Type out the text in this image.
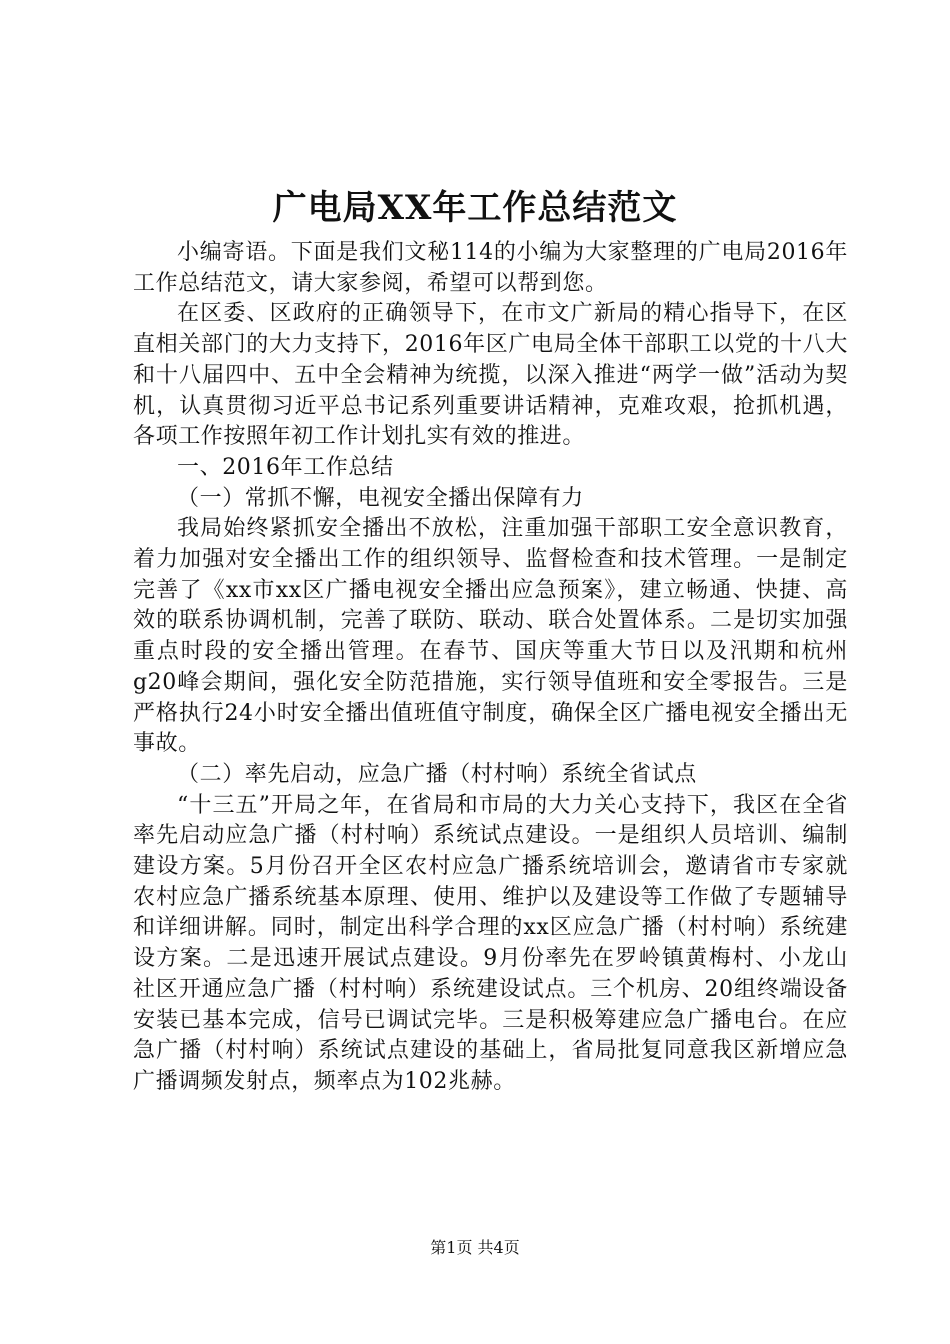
广电局XX年工作总结范文

小编寄语。下面是我们文秘114的小编为大家整理的广电局2016年工作总结范文，请大家参阅，希望可以帮到您。

在区委、区政府的正确领导下，在市文广新局的精心指导下，在区直相关部门的大力支持下，2016年区广电局全体干部职工以党的十八大和十八届四中、五中全会精神为统揽，以深入推进“两学一做”活动为契机，认真贯彻习近平总书记系列重要讲话精神，克难攻艰，抢抓机遇，各项工作按照年初工作计划扎实有效的推进。

一、2016年工作总结

（一）常抓不懈，电视安全播出保障有力

我局始终紧抓安全播出不放松，注重加强干部职工安全意识教育，着力加强对安全播出工作的组织领导、监督检查和技术管理。一是制定完善了《xx市xx区广播电视安全播出应急预案》，建立畅通、快捷、高效的联系协调机制，完善了联防、联动、联合处置体系。二是切实加强重点时段的安全播出管理。在春节、国庆等重大节日以及汛期和杭州g20峰会期间，强化安全防范措施，实行领导值班和安全零报告。三是严格执行24小时安全播出值班值守制度，确保全区广播电视安全播出无事故。

（二）率先启动，应急广播（村村响）系统全省试点

“十三五”开局之年，在省局和市局的大力关心支持下，我区在全省率先启动应急广播（村村响）系统试点建设。一是组织人员培训、编制建设方案。5月份召开全区农村应急广播系统培训会，邀请省市专家就农村应急广播系统基本原理、使用、维护以及建设等工作做了专题辅导和详细讲解。同时，制定出科学合理的xx区应急广播（村村响）系统建设方案。二是迅速开展试点建设。9月份率先在罗岭镇黄梅村、小龙山社区开通应急广播（村村响）系统建设试点。三个机房、20组终端设备安装已基本完成，信号已调试完毕。三是积极筹建应急广播电台。在应急广播（村村响）系统试点建设的基础上，省局批复同意我区新增应急广播调频发射点，频率点为102兆赫。

第1页 共4页
